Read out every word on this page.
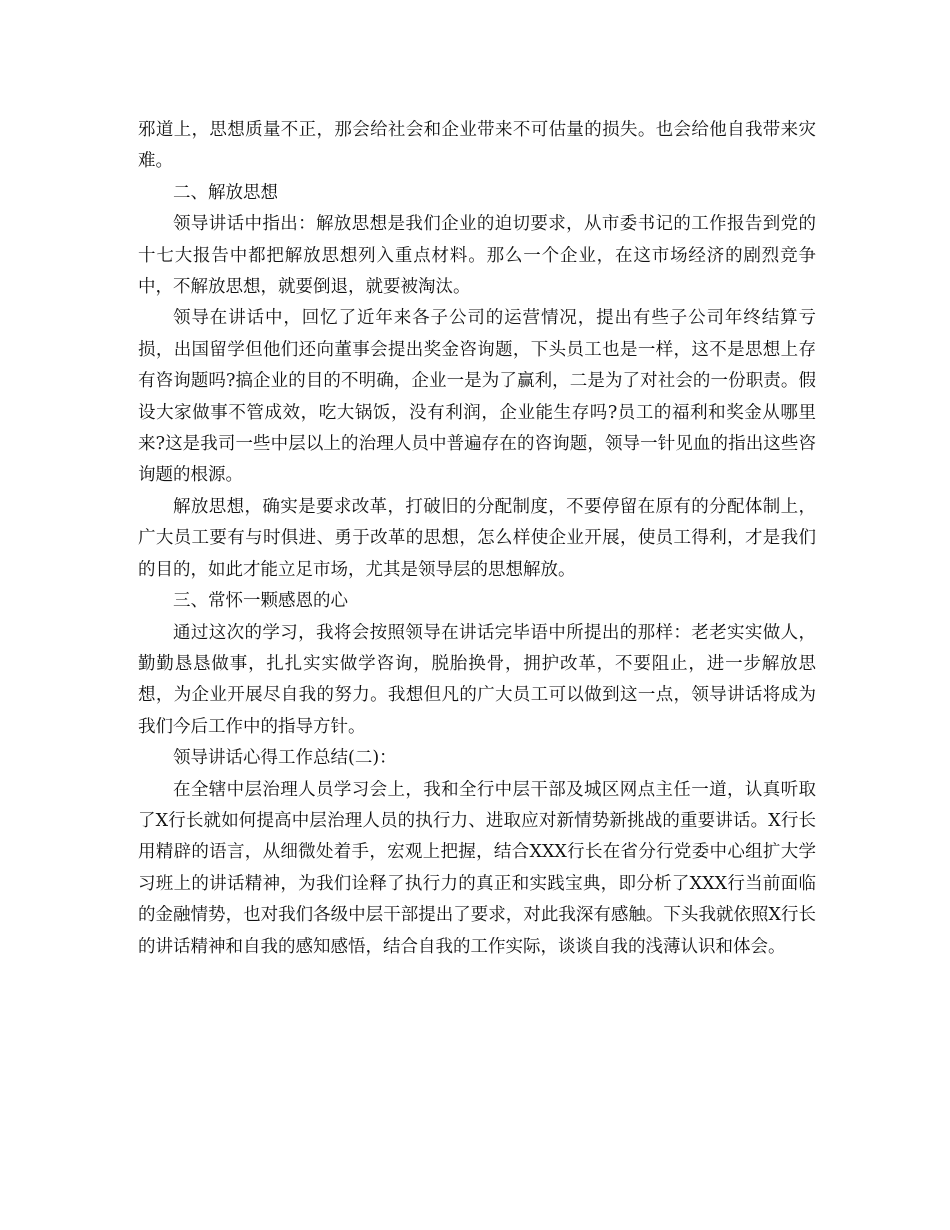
邪道上，思想质量不正，那会给社会和企业带来不可估量的损失。也会给他自我带来灾难。

二、解放思想

领导讲话中指出：解放思想是我们企业的迫切要求，从市委书记的工作报告到党的十七大报告中都把解放思想列入重点材料。那么一个企业，在这市场经济的剧烈竞争中，不解放思想，就要倒退，就要被淘汰。

领导在讲话中，回忆了近年来各子公司的运营情况，提出有些子公司年终结算亏损，出国留学但他们还向董事会提出奖金咨询题，下头员工也是一样，这不是思想上存有咨询题吗?搞企业的目的不明确，企业一是为了赢利，二是为了对社会的一份职责。假设大家做事不管成效，吃大锅饭，没有利润，企业能生存吗?员工的福利和奖金从哪里来?这是我司一些中层以上的治理人员中普遍存在的咨询题，领导一针见血的指出这些咨询题的根源。

解放思想，确实是要求改革，打破旧的分配制度，不要停留在原有的分配体制上，广大员工要有与时俱进、勇于改革的思想，怎么样使企业开展，使员工得利，才是我们的目的，如此才能立足市场，尤其是领导层的思想解放。

三、常怀一颗感恩的心

通过这次的学习，我将会按照领导在讲话完毕语中所提出的那样：老老实实做人，勤勤恳恳做事，扎扎实实做学咨询，脱胎换骨，拥护改革，不要阻止，进一步解放思想，为企业开展尽自我的努力。我想但凡的广大员工可以做到这一点，领导讲话将成为我们今后工作中的指导方针。

领导讲话心得工作总结(二)：

在全辖中层治理人员学习会上，我和全行中层干部及城区网点主任一道，认真听取了X行长就如何提高中层治理人员的执行力、进取应对新情势新挑战的重要讲话。X行长用精辟的语言，从细微处着手，宏观上把握，结合XXX行长在省分行党委中心组扩大学习班上的讲话精神，为我们诠释了执行力的真正和实践宝典，即分析了XXX行当前面临的金融情势，也对我们各级中层干部提出了要求，对此我深有感触。下头我就依照X行长的讲话精神和自我的感知感悟，结合自我的工作实际，谈谈自我的浅薄认识和体会。
